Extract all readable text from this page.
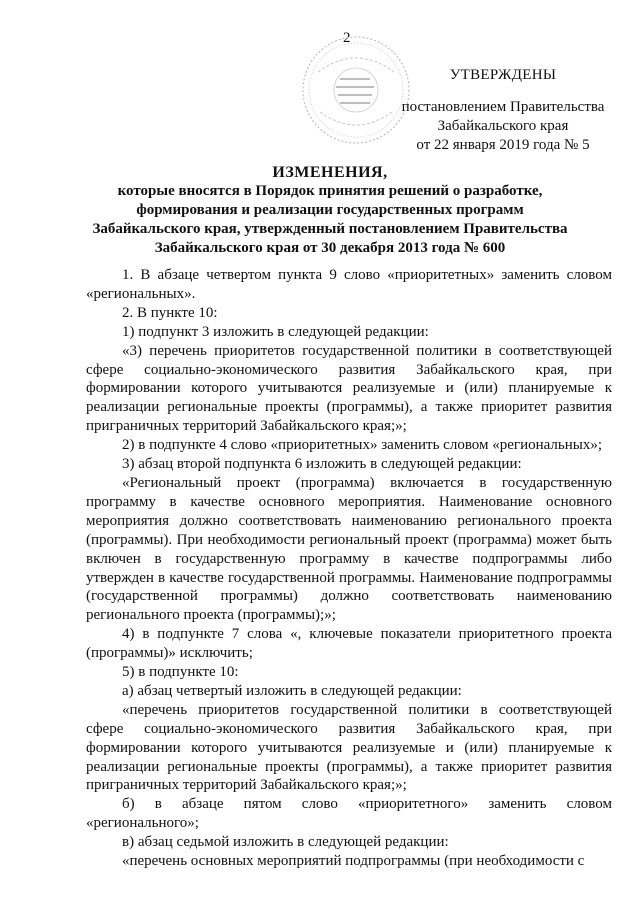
2
УТВЕРЖДЕНЫ
постановлением Правительства
Забайкальского края
от 22 января 2019 года № 5
ИЗМЕНЕНИЯ,
которые вносятся в Порядок принятия решений о разработке,
формирования и реализации государственных программ
Забайкальского края, утвержденный постановлением Правительства
Забайкальского края от 30 декабря 2013 года № 600

1. В абзаце четвертом пункта 9 слово «приоритетных» заменить словом «региональных».

2. В пункте 10:

1) подпункт 3 изложить в следующей редакции:

«3) перечень приоритетов государственной политики в соответствующей сфере социально-экономического развития Забайкальского края, при формировании которого учитываются реализуемые и (или) планируемые к реализации региональные проекты (программы), а также приоритет развития приграничных территорий Забайкальского края;»;

2) в подпункте 4 слово «приоритетных» заменить словом «региональных»;

3) абзац второй подпункта 6 изложить в следующей редакции:

«Региональный проект (программа) включается в государственную программу в качестве основного мероприятия. Наименование основного мероприятия должно соответствовать наименованию регионального проекта (программы). При необходимости региональный проект (программа) может быть включен в государственную программу в качестве подпрограммы либо утвержден в качестве государственной программы. Наименование подпрограммы (государственной программы) должно соответствовать наименованию регионального проекта (программы);»;

4) в подпункте 7 слова «, ключевые показатели приоритетного проекта (программы)» исключить;

5) в подпункте 10:

а) абзац четвертый изложить в следующей редакции:

«перечень приоритетов государственной политики в соответствующей сфере социально-экономического развития Забайкальского края, при формировании которого учитываются реализуемые и (или) планируемые к реализации региональные проекты (программы), а также приоритет развития приграничных территорий Забайкальского края;»;

б) в абзаце пятом слово «приоритетного» заменить словом «регионального»;

в) абзац седьмой изложить в следующей редакции:

«перечень основных мероприятий подпрограммы (при необходимости с
